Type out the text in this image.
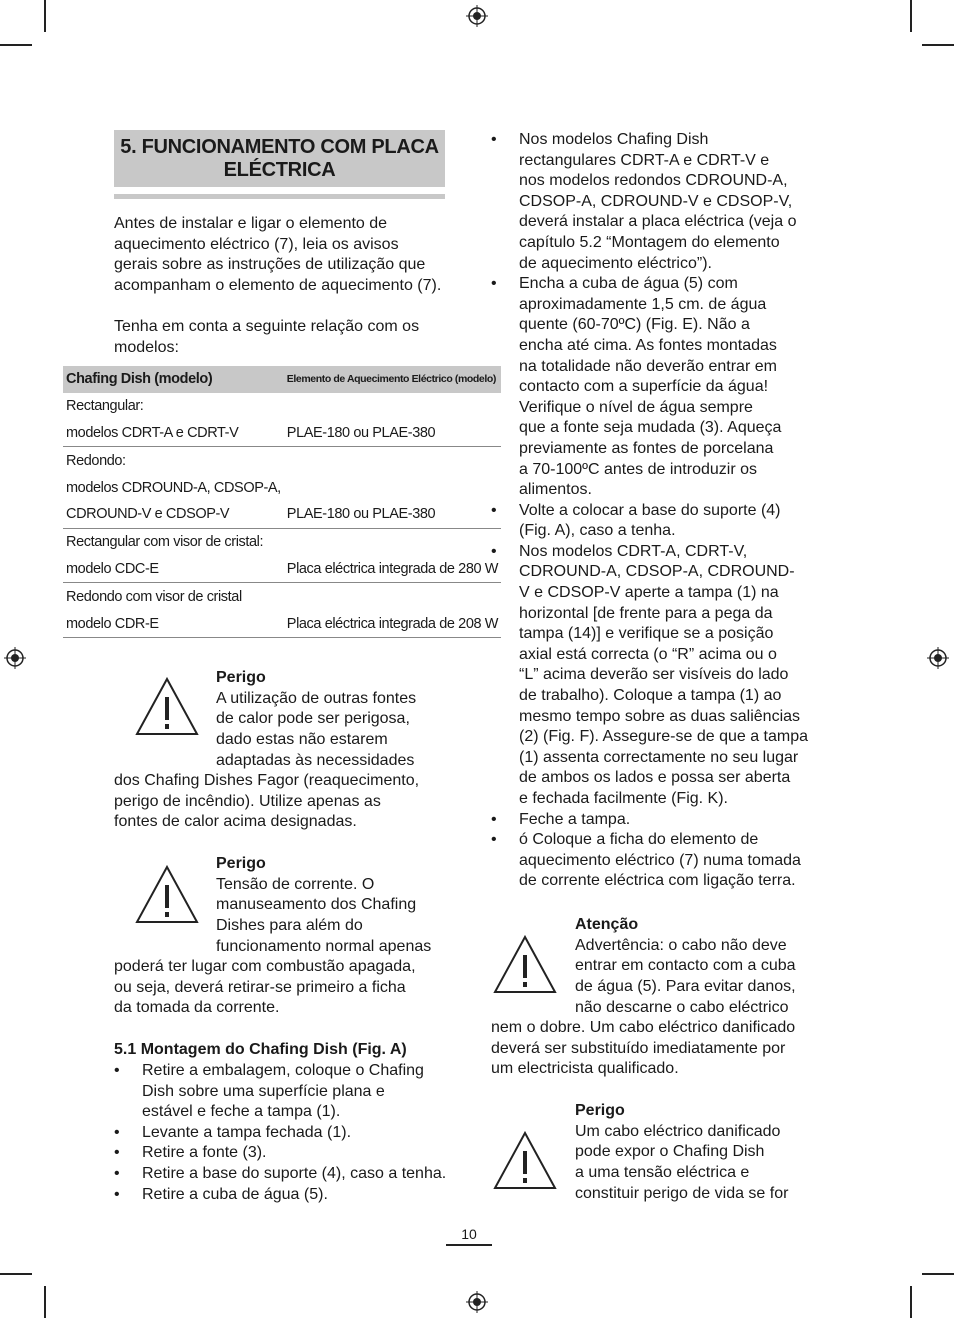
5. FUNCIONAMENTO COM PLACA
ELÉCTRICA
Antes de instalar e ligar o elemento de
aquecimento eléctrico (7), leia os avisos
gerais sobre as instruções de utilização que
acompanham o elemento de aquecimento (7).
Tenha em conta a seguinte relação com os
modelos:
Chafing Dish (modelo)	Elemento de Aquecimento Eléctrico (modelo)
Rectangular:	
modelos CDRT-A e CDRT-V	PLAE-180 ou PLAE-380
Redondo:	
modelos CDROUND-A, CDSOP-A,	
CDROUND-V e CDSOP-V	PLAE-180 ou PLAE-380
Rectangular com visor de cristal:	
modelo CDC-E	Placa eléctrica integrada de 280 W
Redondo com visor de cristal	
modelo CDR-E	Placa eléctrica integrada de 208 W
Perigo
A utilização de outras fontes
de calor pode ser perigosa,
dado estas não estarem
adaptadas às necessidades
dos Chafing Dishes Fagor (reaquecimento,
perigo de incêndio). Utilize apenas as
fontes de calor acima designadas.
Perigo
Tensão de corrente. O
manuseamento dos Chafing
Dishes para além do
funcionamento normal apenas
poderá ter lugar com combustão apagada,
ou seja, deverá retirar-se primeiro a ficha
da tomada da corrente.
5.1 Montagem do Chafing Dish (Fig. A)
• Retire a embalagem, coloque o Chafing
Dish sobre uma superfície plana e
estável e feche a tampa (1).
• Levante a tampa fechada (1).
• Retire a fonte (3).
• Retire a base do suporte (4), caso a tenha.
• Retire a cuba de água (5).
• Nos modelos Chafing Dish
rectangulares CDRT-A e CDRT-V e
nos modelos redondos CDROUND-A,
CDSOP-A, CDROUND-V e CDSOP-V,
deverá instalar a placa eléctrica (veja o
capítulo 5.2 “Montagem do elemento
de aquecimento eléctrico”).
• Encha a cuba de água (5) com
aproximadamente 1,5 cm. de água
quente (60-70ºC) (Fig. E). Não a
encha até cima. As fontes montadas
na totalidade não deverão entrar em
contacto com a superfície da água!
Verifique o nível de água sempre
que a fonte seja mudada (3). Aqueça
previamente as fontes de porcelana
a 70-100ºC antes de introduzir os
alimentos.
• Volte a colocar a base do suporte (4)
(Fig. A), caso a tenha.
• Nos modelos CDRT-A, CDRT-V,
CDROUND-A, CDSOP-A, CDROUND-
V e CDSOP-V aperte a tampa (1) na
horizontal [de frente para a pega da
tampa (14)] e verifique se a posição
axial está correcta (o “R” acima ou o
“L” acima deverão ser visíveis do lado
de trabalho). Coloque a tampa (1) ao
mesmo tempo sobre as duas saliências
(2) (Fig. F). Assegure-se de que a tampa
(1) assenta correctamente no seu lugar
de ambos os lados e possa ser aberta
e fechada facilmente (Fig. K).
• Feche a tampa.
• ó Coloque a ficha do elemento de
aquecimento eléctrico (7) numa tomada
de corrente eléctrica com ligação terra.
Atenção
Advertência: o cabo não deve
entrar em contacto com a cuba
de água (5). Para evitar danos,
não descarne o cabo eléctrico
nem o dobre. Um cabo eléctrico danificado
deverá ser substituído imediatamente por
um electricista qualificado.
Perigo
Um cabo eléctrico danificado
pode expor o Chafing Dish
a uma tensão eléctrica e
constituir perigo de vida se for
10
